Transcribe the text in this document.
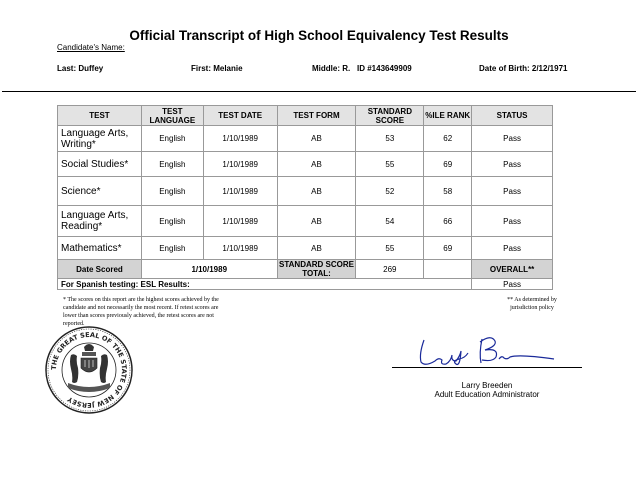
Official Transcript of High School Equivalency Test Results
Candidate's Name:
Last: Duffey	First: Melanie	Middle: R. ID #143649909	Date of Birth: 2/12/1971
TEST	TEST LANGUAGE	TEST DATE	TEST FORM	STANDARD SCORE	%ILE RANK	STATUS
Language Arts, Writing*	English	1/10/1989	AB	53	62	Pass
Social Studies*	English	1/10/1989	AB	55	69	Pass
Science*	English	1/10/1989	AB	52	58	Pass
Language Arts, Reading*	English	1/10/1989	AB	54	66	Pass
Mathematics*	English	1/10/1989	AB	55	69	Pass
Date Scored	1/10/1989		STANDARD SCORE TOTAL:	269		OVERALL**
For Spanish testing: ESL Results:						Pass
* The scores on this report are the highest scores achieved by the candidate and not necessarily the most recent. If retest scores are lower than scores previously achieved, the retest scores are not reported.
** As determined by jurisdiction policy
THE GREAT SEAL OF THE STATE OF NEW JERSEY
Larry Breeden
Adult Education Administrator
